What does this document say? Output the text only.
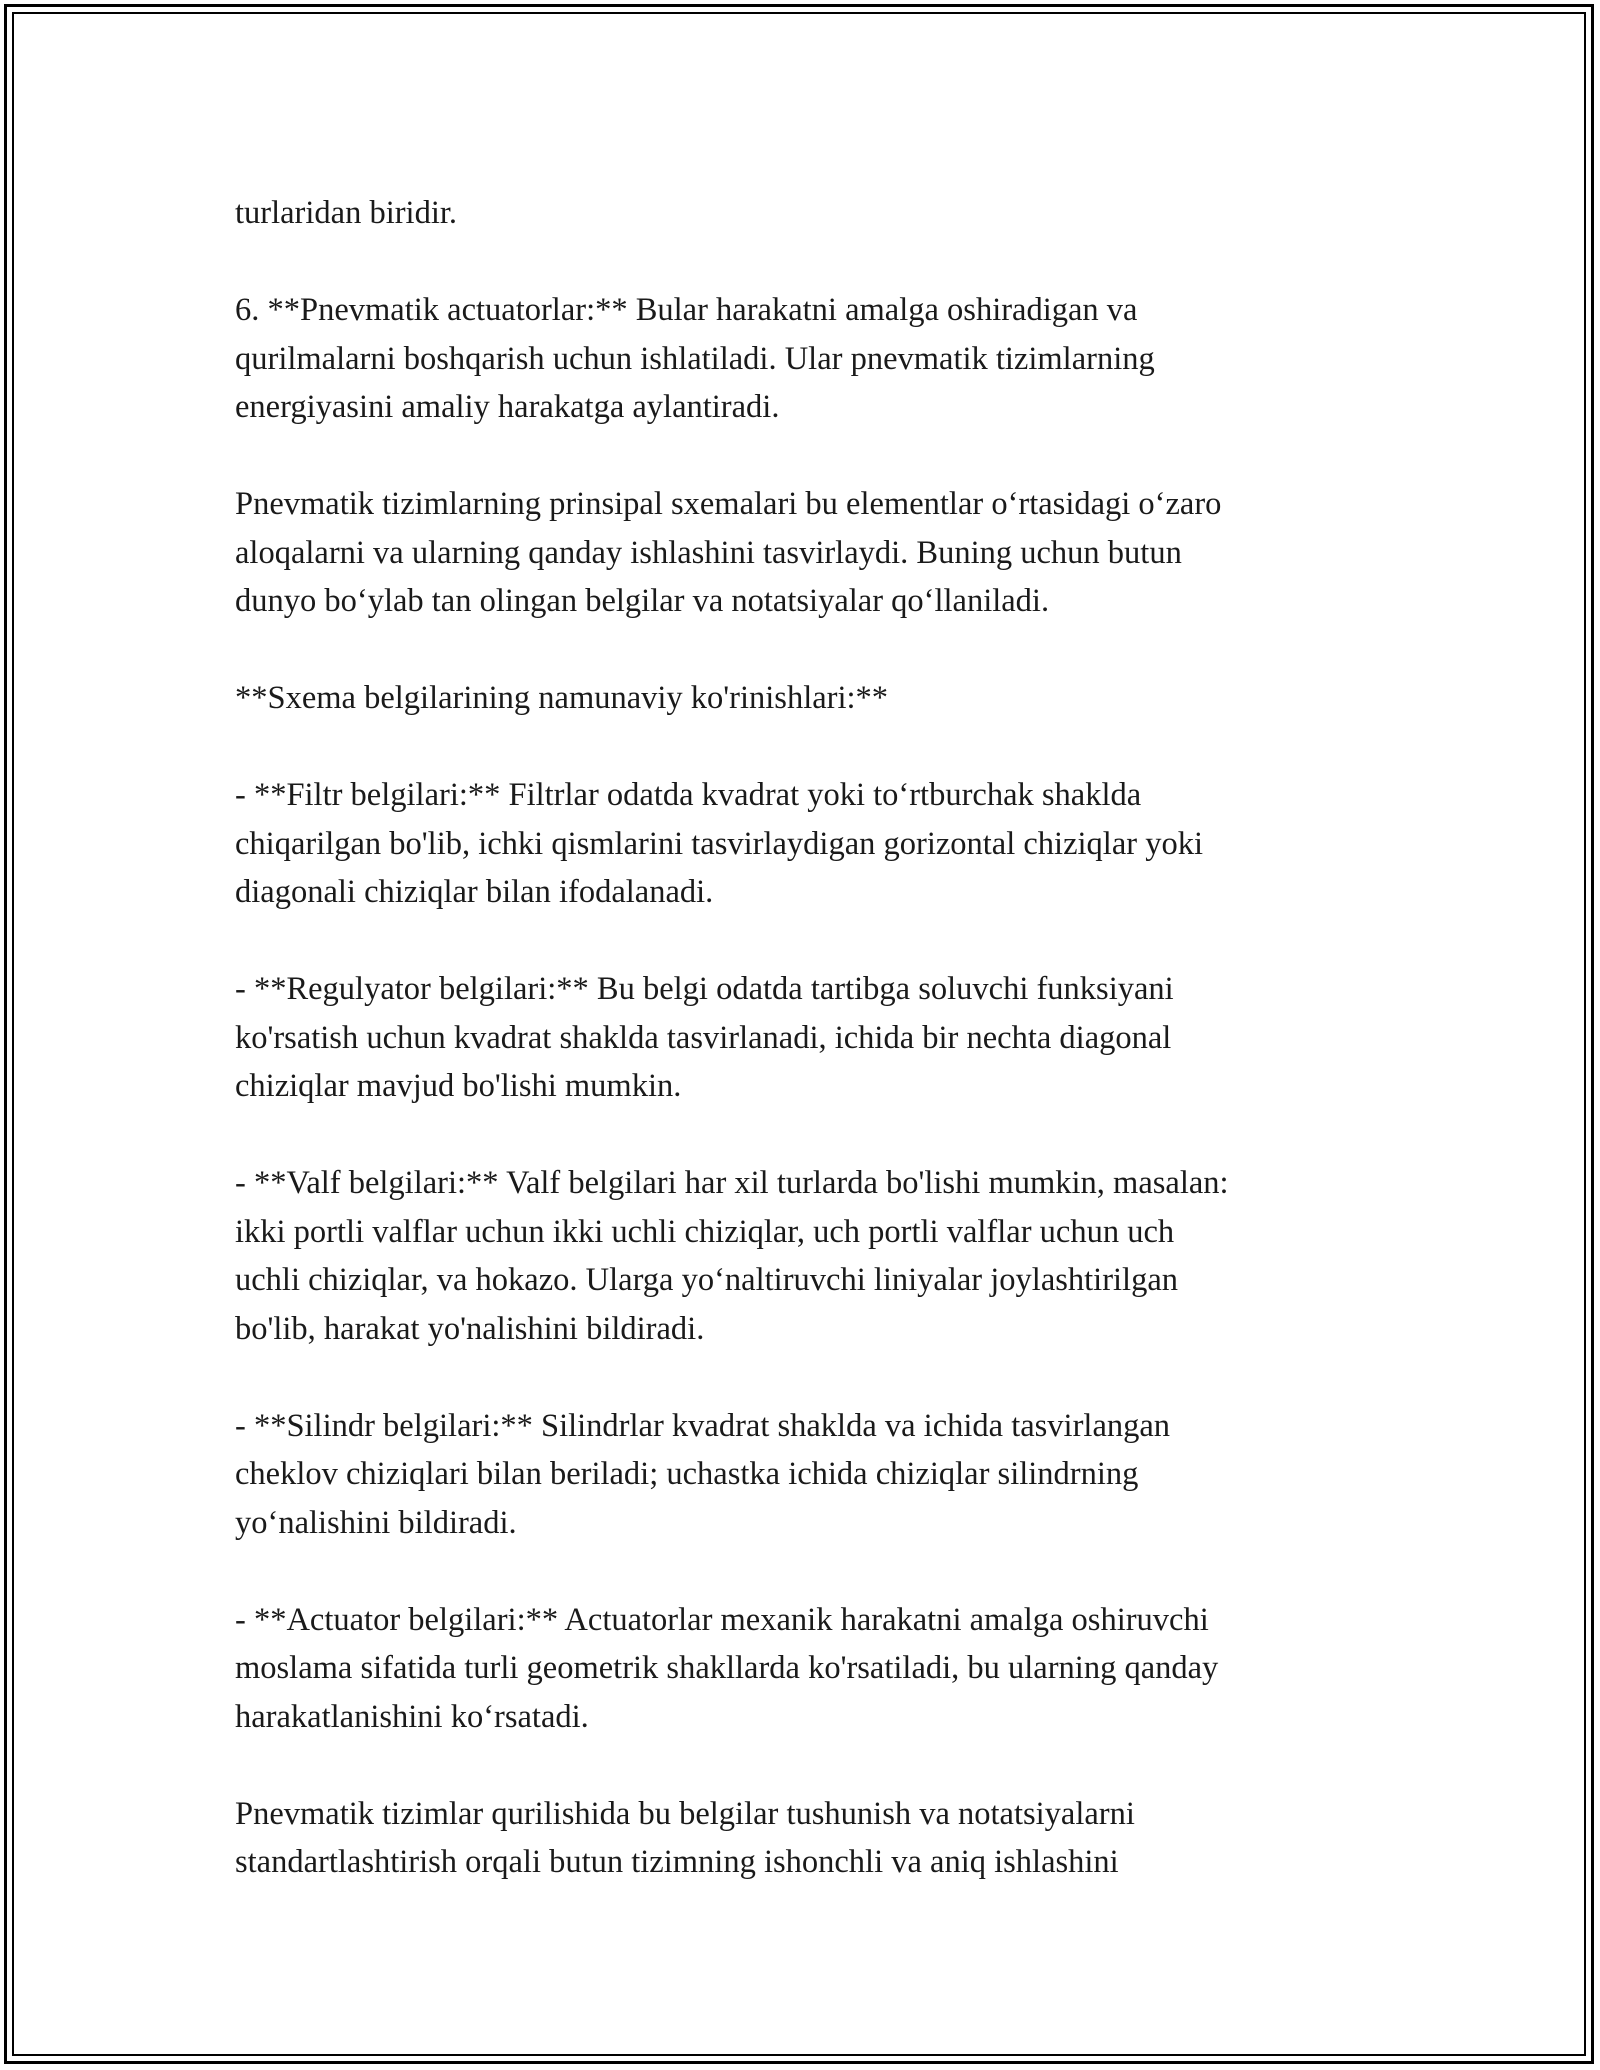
turlaridan biridir.

6. **Pnevmatik actuatorlar:** Bular harakatni amalga oshiradigan va
qurilmalarni boshqarish uchun ishlatiladi. Ular pnevmatik tizimlarning
energiyasini amaliy harakatga aylantiradi.

Pnevmatik tizimlarning prinsipal sxemalari bu elementlar o‘rtasidagi o‘zaro
aloqalarni va ularning qanday ishlashini tasvirlaydi. Buning uchun butun
dunyo bo‘ylab tan olingan belgilar va notatsiyalar qo‘llaniladi.

**Sxema belgilarining namunaviy ko'rinishlari:**

- **Filtr belgilari:** Filtrlar odatda kvadrat yoki to‘rtburchak shaklda
chiqarilgan bo'lib, ichki qismlarini tasvirlaydigan gorizontal chiziqlar yoki
diagonali chiziqlar bilan ifodalanadi.

- **Regulyator belgilari:** Bu belgi odatda tartibga soluvchi funksiyani
ko'rsatish uchun kvadrat shaklda tasvirlanadi, ichida bir nechta diagonal
chiziqlar mavjud bo'lishi mumkin.

- **Valf belgilari:** Valf belgilari har xil turlarda bo'lishi mumkin, masalan:
ikki portli valflar uchun ikki uchli chiziqlar, uch portli valflar uchun uch
uchli chiziqlar, va hokazo. Ularga yo‘naltiruvchi liniyalar joylashtirilgan
bo'lib, harakat yo'nalishini bildiradi.

- **Silindr belgilari:** Silindrlar kvadrat shaklda va ichida tasvirlangan
cheklov chiziqlari bilan beriladi; uchastka ichida chiziqlar silindrning
yo‘nalishini bildiradi.

- **Actuator belgilari:** Actuatorlar mexanik harakatni amalga oshiruvchi
moslama sifatida turli geometrik shakllarda ko'rsatiladi, bu ularning qanday
harakatlanishini ko‘rsatadi.

Pnevmatik tizimlar qurilishida bu belgilar tushunish va notatsiyalarni
standartlashtirish orqali butun tizimning ishonchli va aniq ishlashini
